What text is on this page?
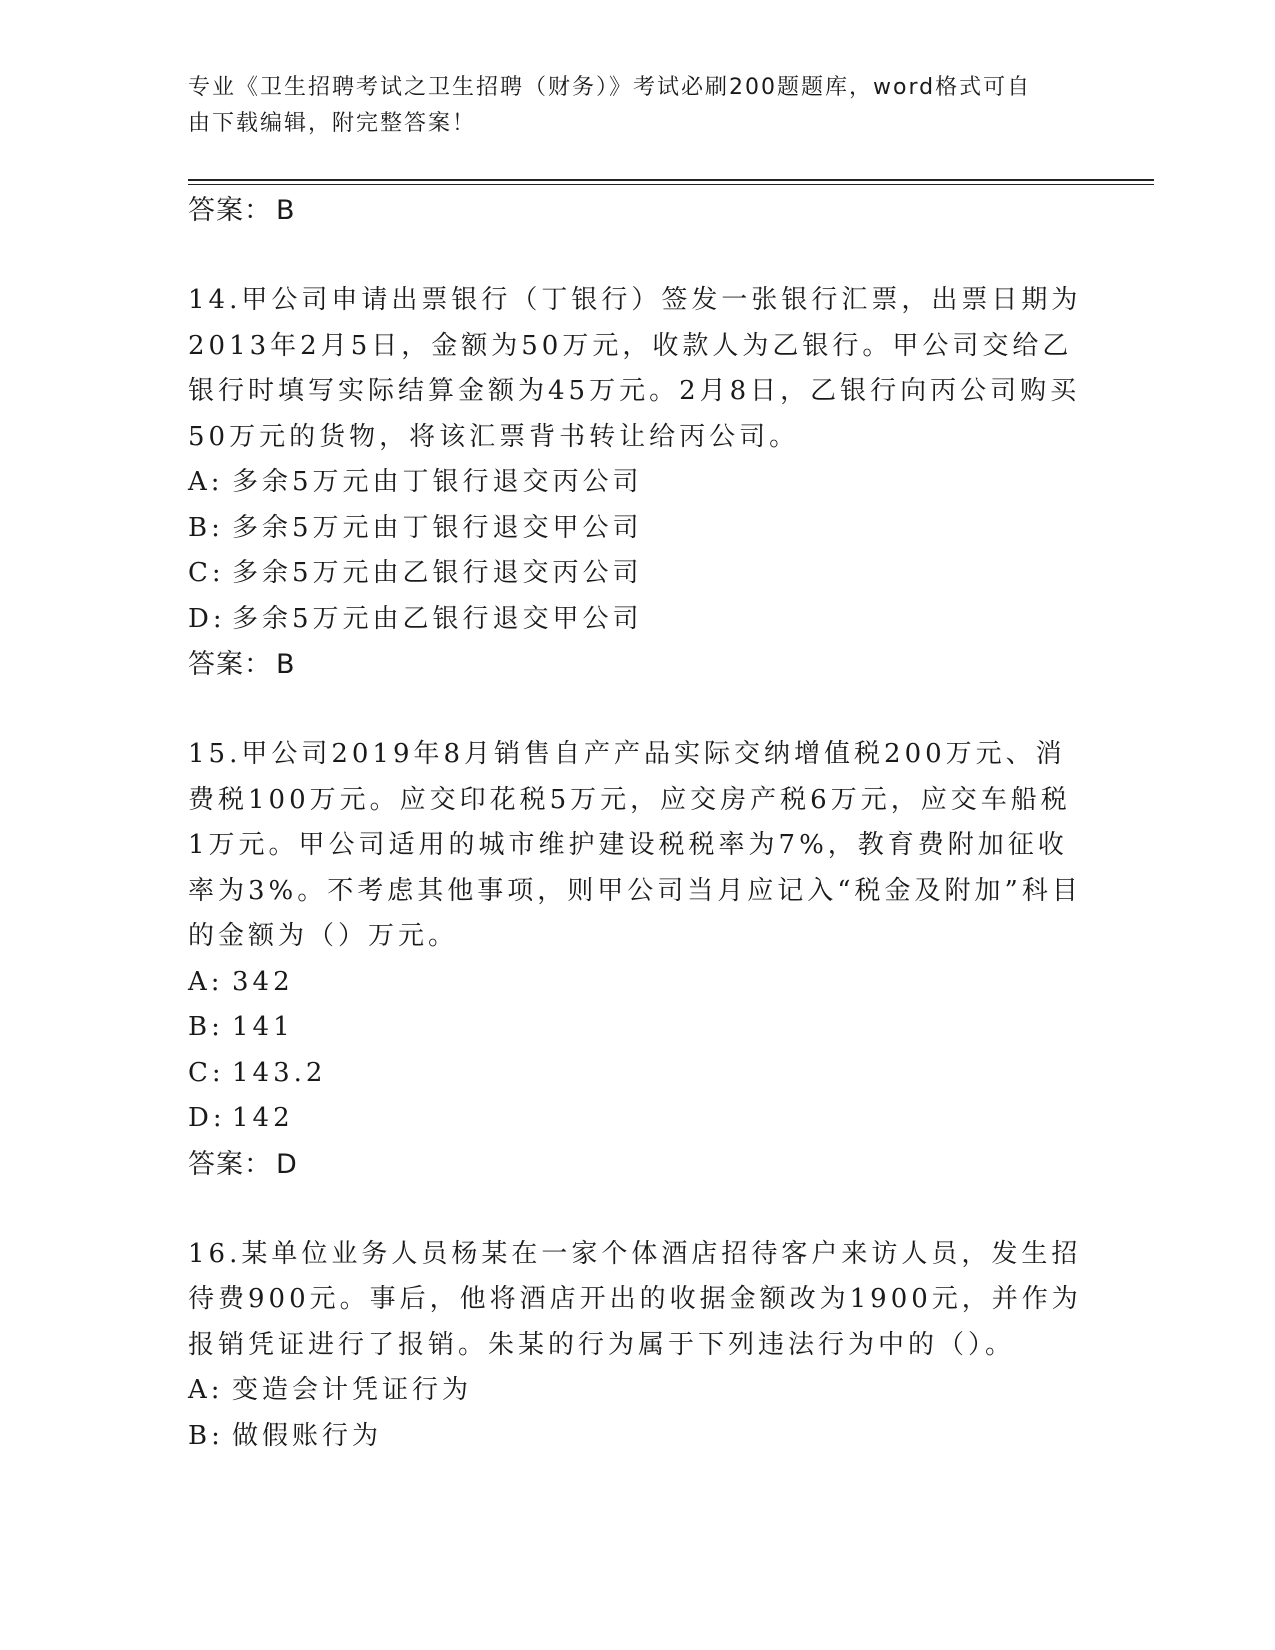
专业《卫生招聘考试之卫生招聘（财务）》考试必刷200题题库，word格式可自
由下载编辑，附完整答案！

答案： B

14.甲公司申请出票银行（丁银行）签发一张银行汇票，出票日期为2013年2月5日，金额为50万元，收款人为乙银行。甲公司交给乙银行时填写实际结算金额为45万元。2月8日，乙银行向丙公司购买50万元的货物，将该汇票背书转让给丙公司。

A: 多余5万元由丁银行退交丙公司

B: 多余5万元由丁银行退交甲公司

C: 多余5万元由乙银行退交丙公司

D: 多余5万元由乙银行退交甲公司

答案： B

15.甲公司2019年8月销售自产产品实际交纳增值税200万元、消费税100万元。应交印花税5万元，应交房产税6万元，应交车船税1万元。甲公司适用的城市维护建设税税率为7%，教育费附加征收率为3%。不考虑其他事项，则甲公司当月应记入“税金及附加”科目的金额为（）万元。

A: 342

B: 141

C: 143.2

D: 142

答案： D

16.某单位业务人员杨某在一家个体酒店招待客户来访人员，发生招待费900元。事后，他将酒店开出的收据金额改为1900元，并作为报销凭证进行了报销。朱某的行为属于下列违法行为中的（）。

A: 变造会计凭证行为

B: 做假账行为
